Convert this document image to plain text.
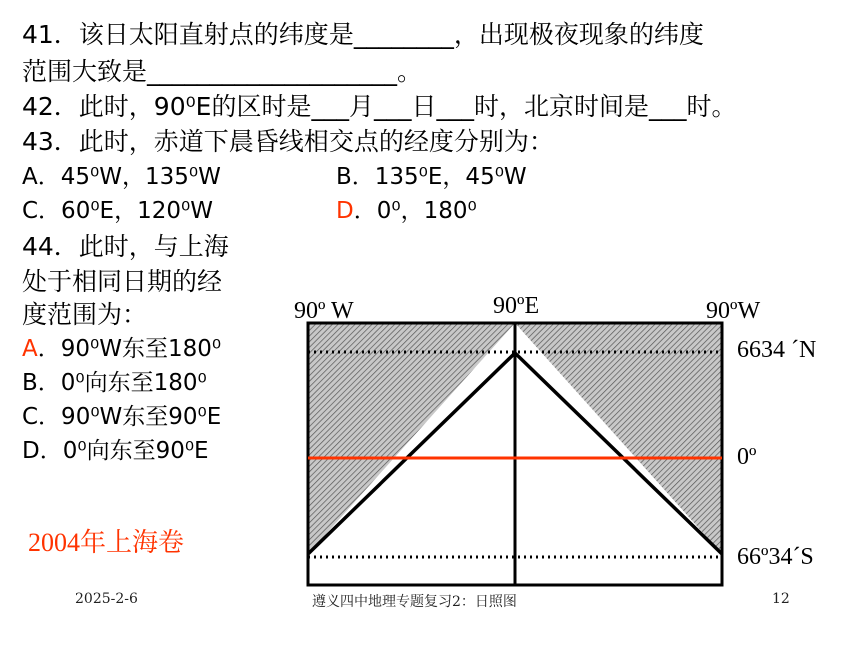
41．该日太阳直射点的纬度是________，出现极夜现象的纬度
范围大致是____________________。
42．此时，90⁰E的区时是___月___日___时，北京时间是___时。
43．此时，赤道下晨昏线相交点的经度分别为：
A．45⁰W，135⁰W	B．135⁰E，45⁰W
C．60⁰E，120⁰W	D．0⁰，180⁰
44．此时，与上海
处于相同日期的经
度范围为：
A．90⁰W东至180⁰
B．0⁰向东至180⁰
C．90⁰W东至90⁰E
D．0⁰向东至90⁰E
2004年上海卷
90º W	90ºE	90ºW
6634 ´N
0º
66º34´S
2025-2-6	遵义四中地理专题复习2：日照图	12
